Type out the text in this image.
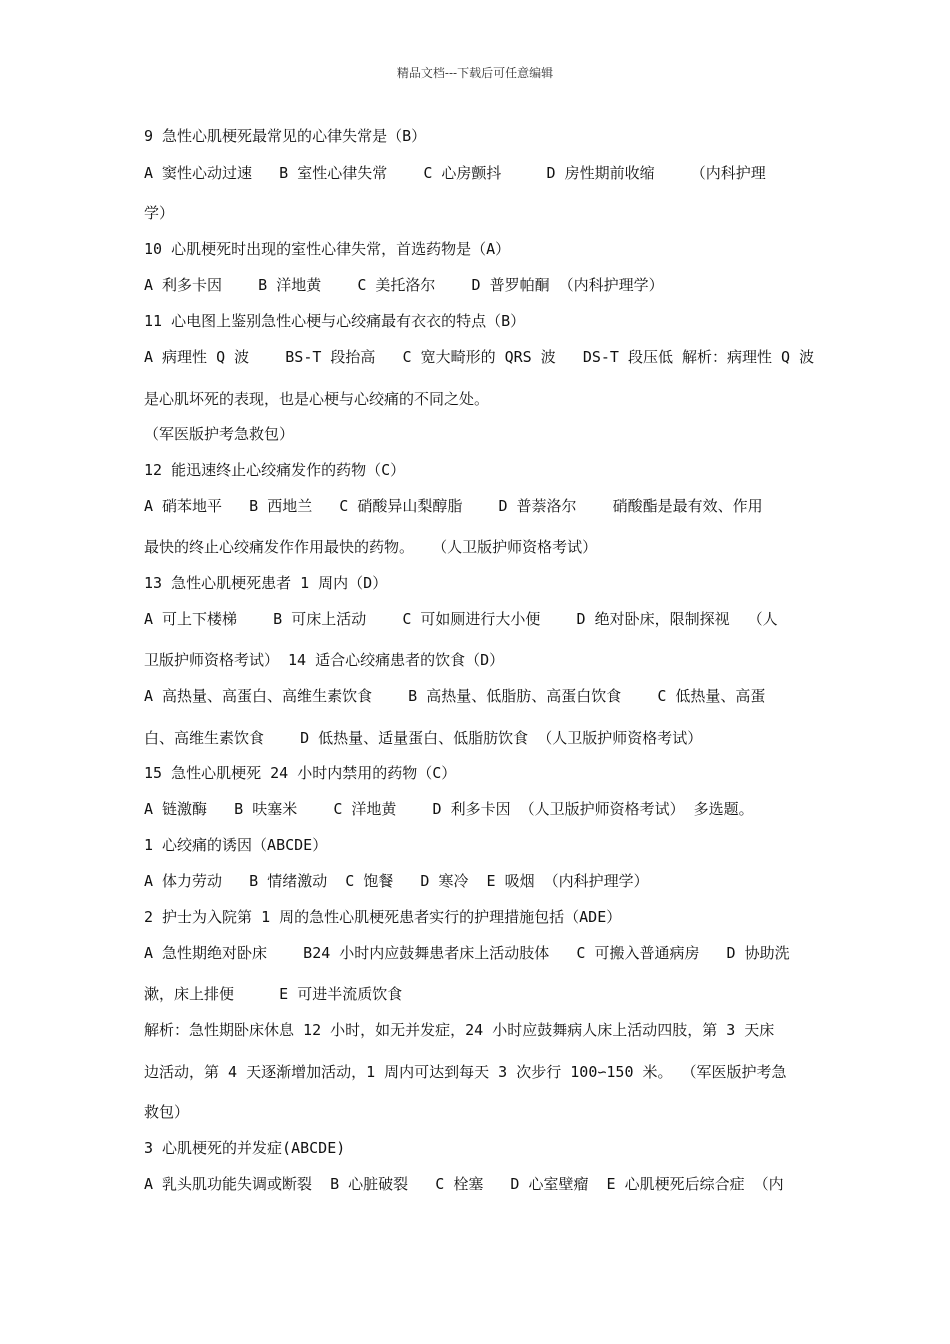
精品文档---下载后可任意编辑
9 急性心肌梗死最常见的心律失常是（B）
A 窦性心动过速   B 室性心律失常    C 心房颤抖     D 房性期前收缩    （内科护理
学）
10 心肌梗死时出现的室性心律失常，首选药物是（A）
A 利多卡因    B 洋地黄    C 美托洛尔    D 普罗帕酮 （内科护理学）
11 心电图上鉴别急性心梗与心绞痛最有衣衣的特点（B）
A 病理性 Q 波    BS-T 段抬高   C 宽大畸形的 QRS 波   DS-T 段压低 解析：病理性 Q 波
是心肌坏死的表现，也是心梗与心绞痛的不同之处。
（军医版护考急救包）
12 能迅速终止心绞痛发作的药物（C）
A 硝苯地平   B 西地兰   C 硝酸异山梨醇脂    D 普萘洛尔    硝酸酯是最有效、作用
最快的终止心绞痛发作作用最快的药物。  （人卫版护师资格考试）
13 急性心肌梗死患者 1 周内（D）
A 可上下楼梯    B 可床上活动    C 可如厕进行大小便    D 绝对卧床，限制探视  （人
卫版护师资格考试） 14 适合心绞痛患者的饮食（D）
A 高热量、高蛋白、高维生素饮食    B 高热量、低脂肪、高蛋白饮食    C 低热量、高蛋
白、高维生素饮食    D 低热量、适量蛋白、低脂肪饮食 （人卫版护师资格考试）
15 急性心肌梗死 24 小时内禁用的药物（C）
A 链激酶   B 呋塞米    C 洋地黄    D 利多卡因 （人卫版护师资格考试） 多选题。
1 心绞痛的诱因（ABCDE）
A 体力劳动   B 情绪激动  C 饱餐   D 寒冷  E 吸烟 （内科护理学）
2 护士为入院第 1 周的急性心肌梗死患者实行的护理措施包括（ADE）
A 急性期绝对卧床    B24 小时内应鼓舞患者床上活动肢体   C 可搬入普通病房   D 协助洗
漱，床上排便     E 可进半流质饮食
解析：急性期卧床休息 12 小时，如无并发症，24 小时应鼓舞病人床上活动四肢，第 3 天床
边活动，第 4 天逐渐增加活动，1 周内可达到每天 3 次步行 100∽150 米。 （军医版护考急
救包）
3 心肌梗死的并发症(ABCDE)
A 乳头肌功能失调或断裂  B 心脏破裂   C 栓塞   D 心室壁瘤  E 心肌梗死后综合症 （内
